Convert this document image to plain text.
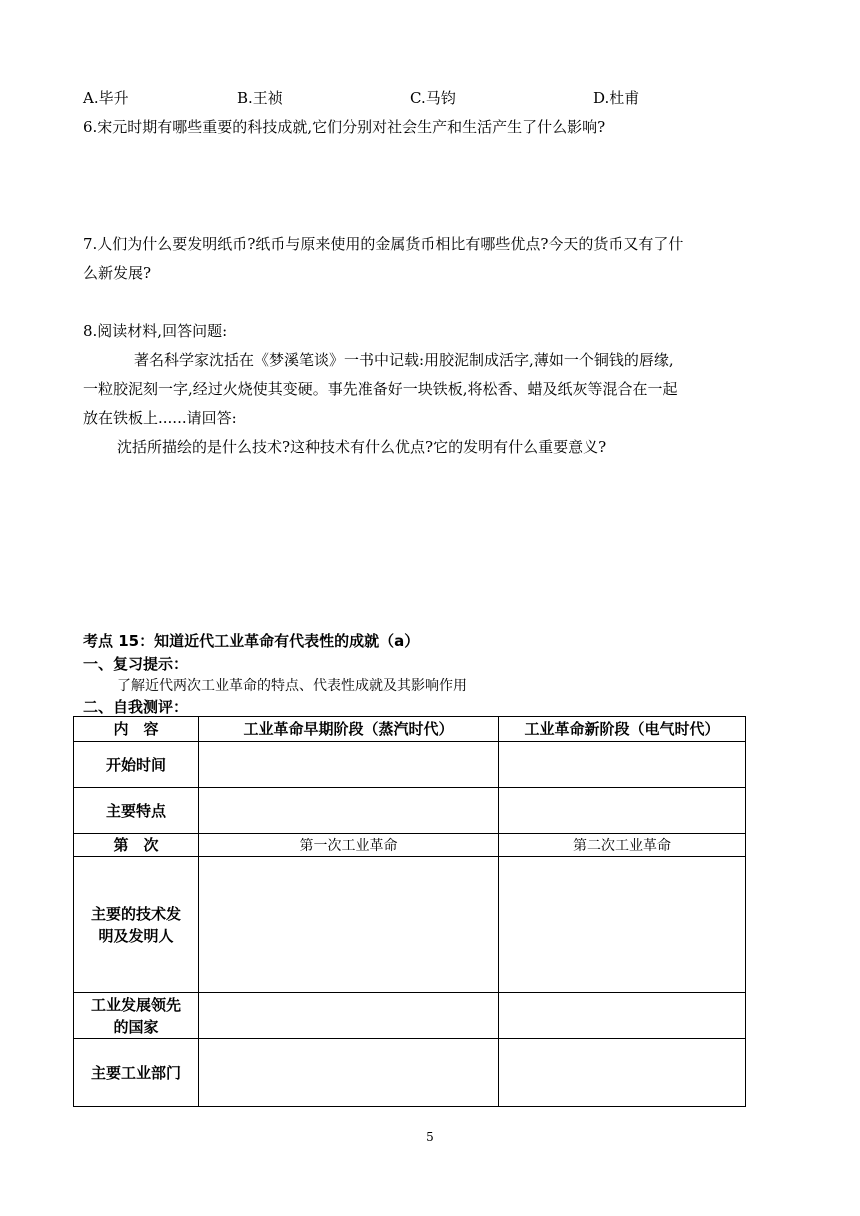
A.毕升	B.王祯	C.马钧	D.杜甫
6.宋元时期有哪些重要的科技成就,它们分别对社会生产和生活产生了什么影响?
7.人们为什么要发明纸币?纸币与原来使用的金属货币相比有哪些优点?今天的货币又有了什
么新发展?
8.阅读材料,回答问题:
著名科学家沈括在《梦溪笔谈》一书中记载:用胶泥制成活字,薄如一个铜钱的唇缘,
一粒胶泥刻一字,经过火烧使其变硬。事先准备好一块铁板,将松香、蜡及纸灰等混合在一起
放在铁板上......请回答:
沈括所描绘的是什么技术?这种技术有什么优点?它的发明有什么重要意义?
考点 15：知道近代工业革命有代表性的成就（a）
一、复习提示：
了解近代两次工业革命的特点、代表性成就及其影响作用
二、自我测评：
内　容	工业革命早期阶段（蒸汽时代）	工业革命新阶段（电气时代）
开始时间		
主要特点		
第　次	第一次工业革命	第二次工业革命

主要的技术发
明及发明人		

工业发展领先
的国家		

主要工业部门		
5
